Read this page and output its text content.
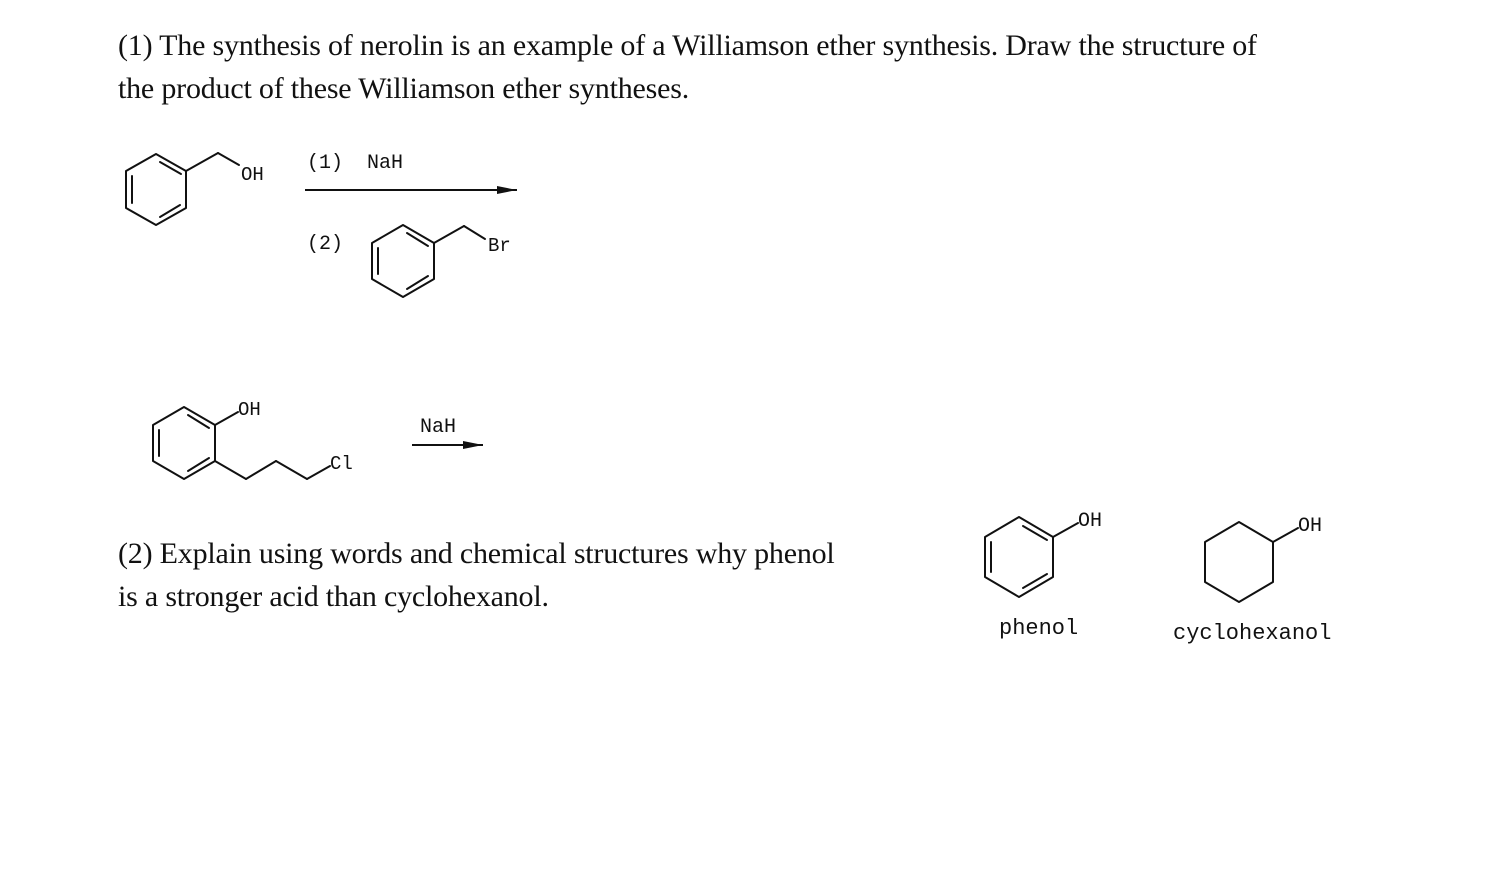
(1) The synthesis of nerolin is an example of a Williamson ether synthesis. Draw the structure of
the product of these Williamson ether syntheses.
(2) Explain using words and chemical structures why phenol
is a stronger acid than cyclohexanol.
OH (1)  NaH
(2)	Br
OH
Cl
NaH
OH
phenol
OH
cyclohexanol
